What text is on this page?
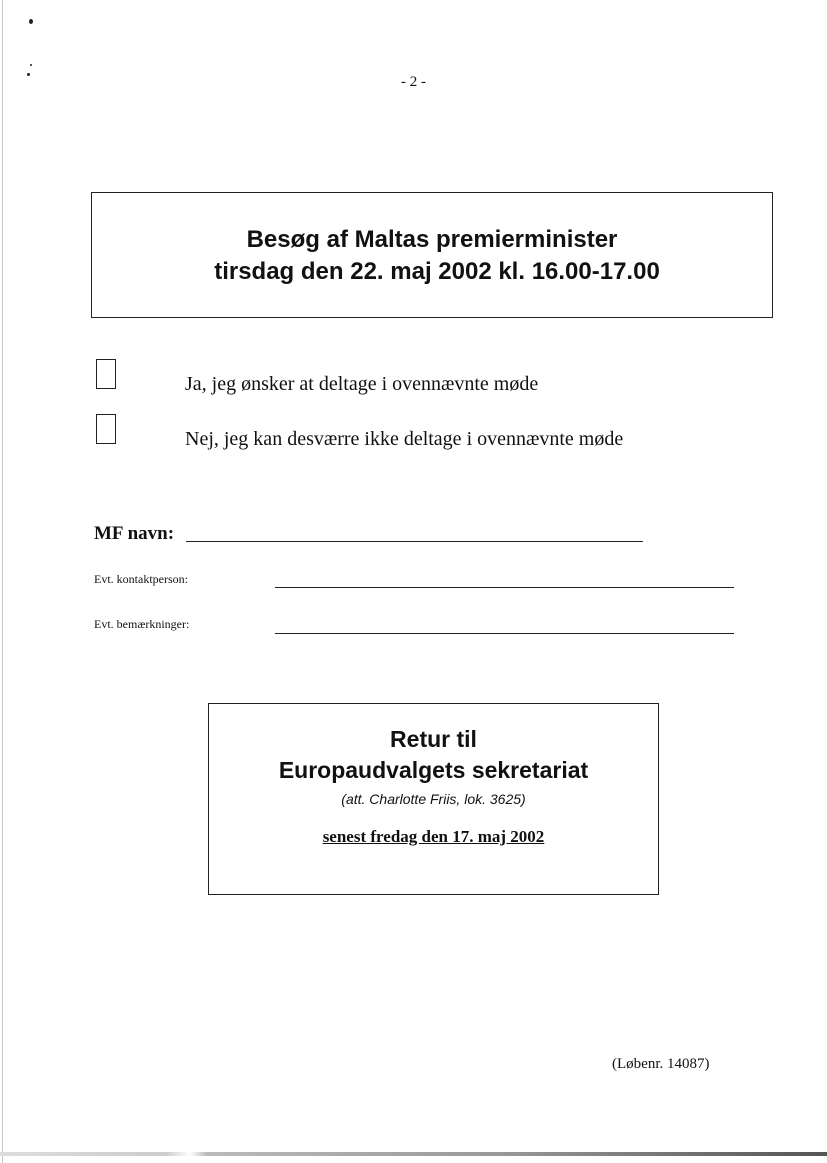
- 2 -
Besøg af Maltas premierminister
tirsdag den 22. maj 2002 kl. 16.00-17.00
Ja, jeg ønsker at deltage i ovennævnte møde
Nej, jeg kan desværre ikke deltage i ovennævnte møde
MF navn:
Evt. kontaktperson:
Evt. bemærkninger:
Retur til
Europaudvalgets sekretariat
(att. Charlotte Friis, lok. 3625)
senest fredag den 17. maj 2002
(Løbenr. 14087)
